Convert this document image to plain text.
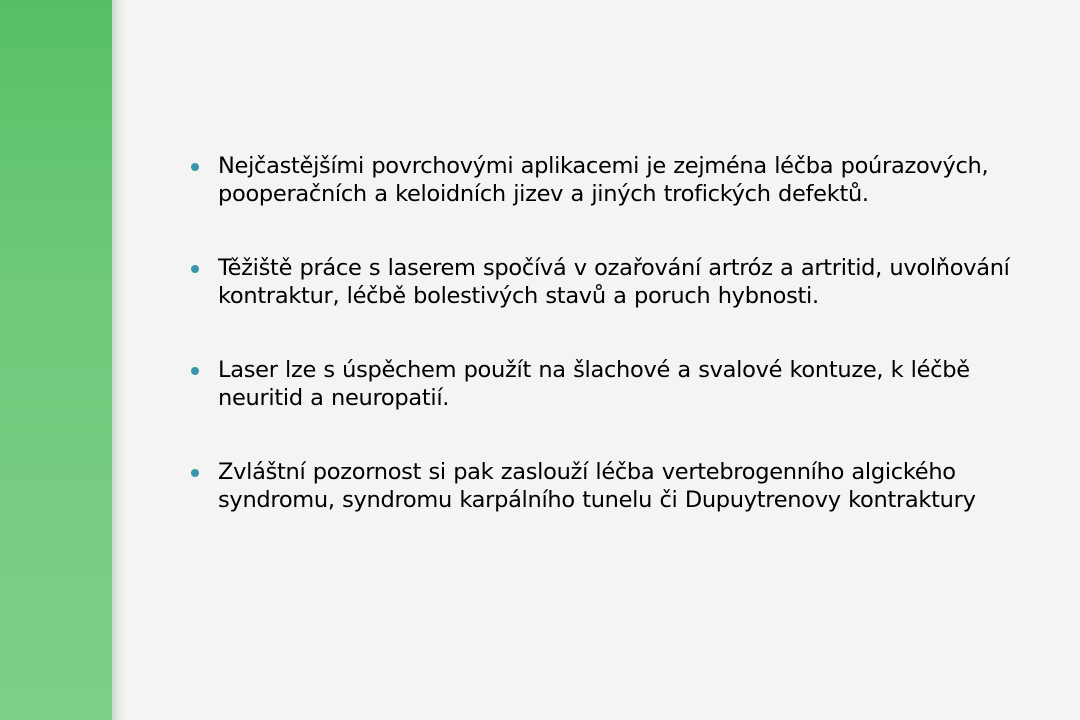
Nejčastějšími povrchovými aplikacemi je zejména léčba poúrazových, pooperačních a keloidních jizev a jiných trofických defektů.
Těžiště práce s laserem spočívá v ozařování artróz a artritid, uvolňování kontraktur, léčbě bolestivých stavů a poruch hybnosti.
Laser lze s úspěchem použít na šlachové a svalové kontuze, k léčbě neuritid a neuropatií.
Zvláštní pozornost si pak zaslouží léčba vertebrogenního algického syndromu, syndromu karpálního tunelu či Dupuytrenovy kontraktury
